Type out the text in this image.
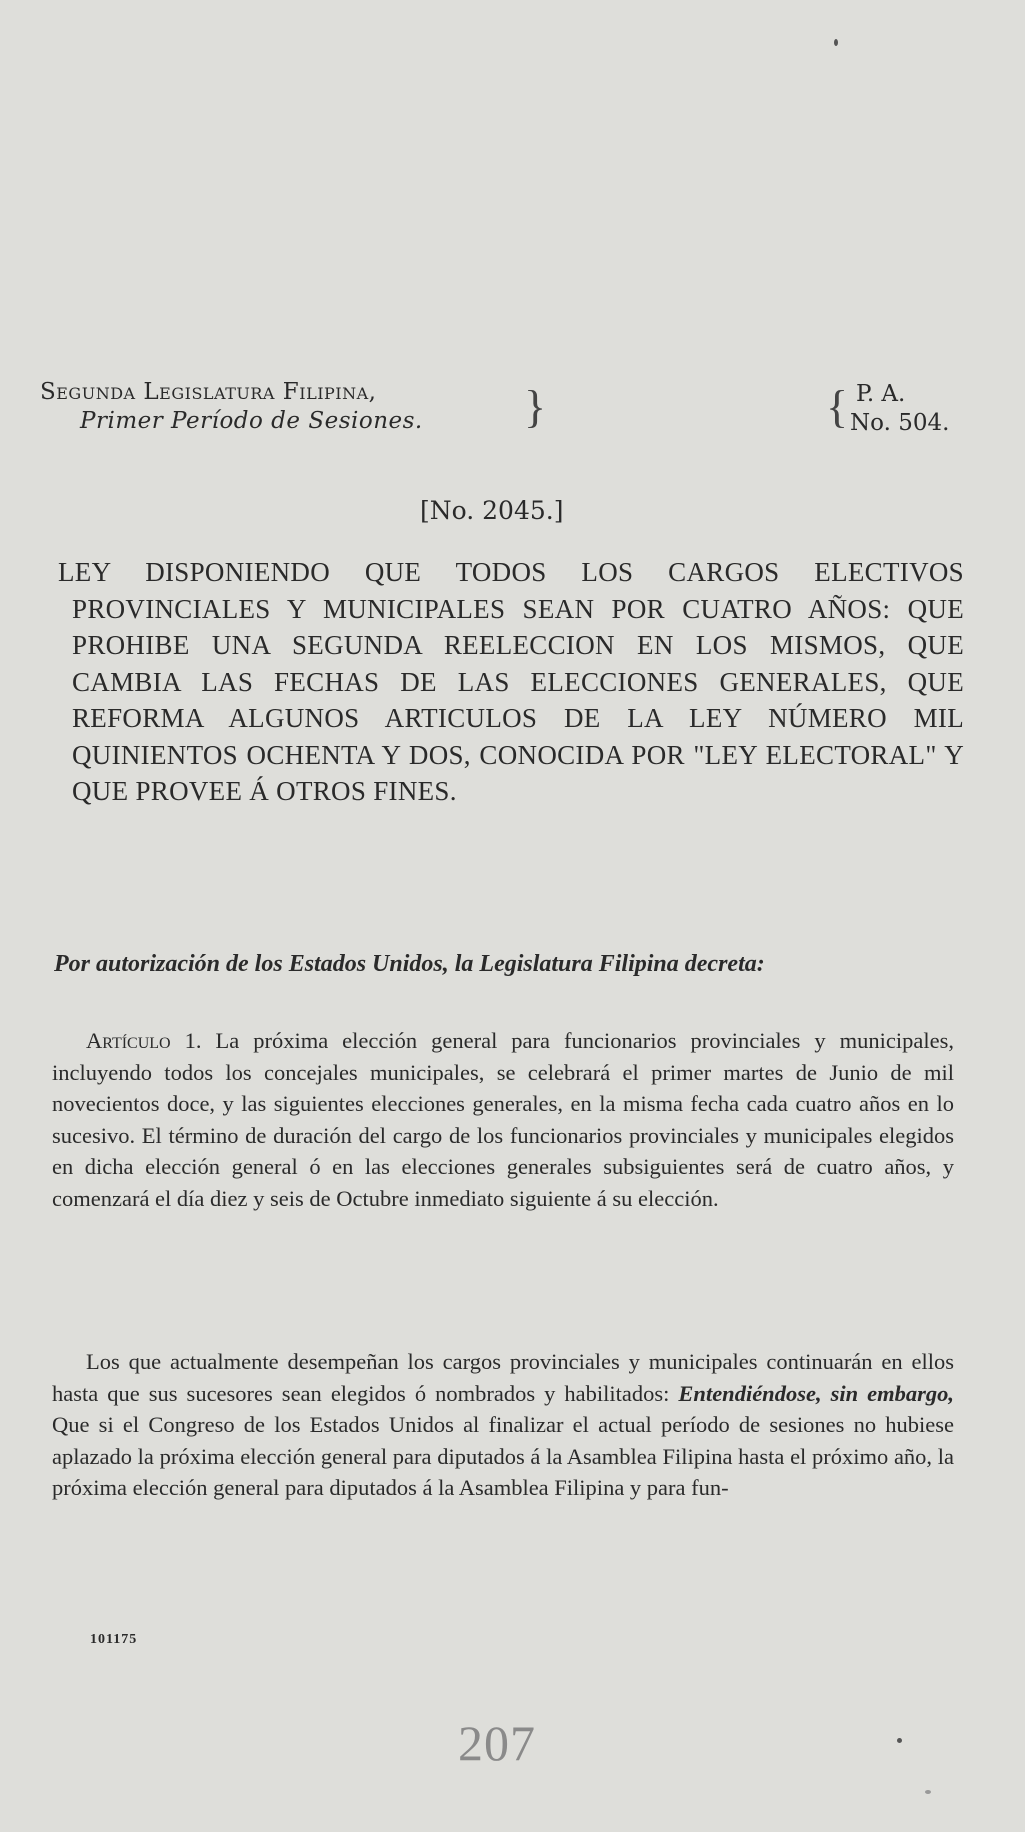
Segunda Legislatura Filipina,
Primer Período de Sesiones.	}	{ P. A.
No. 504.
[No. 2045.]
LEY DISPONIENDO QUE TODOS LOS CARGOS ELECTIVOS PROVINCIALES Y MUNICIPALES SEAN POR CUATRO AÑOS: QUE PROHIBE UNA SEGUNDA REELECCION EN LOS MISMOS, QUE CAMBIA LAS FECHAS DE LAS ELECCIONES GENERALES, QUE REFORMA ALGUNOS ARTICULOS DE LA LEY NÚMERO MIL QUINIENTOS OCHENTA Y DOS, CONOCIDA POR "LEY ELECTORAL" Y QUE PROVEE Á OTROS FINES.
Por autorización de los Estados Unidos, la Legislatura Filipina decreta:
Artículo 1. La próxima elección general para funcionarios provinciales y municipales, incluyendo todos los concejales municipales, se celebrará el primer martes de Junio de mil novecientos doce, y las siguientes elecciones generales, en la misma fecha cada cuatro años en lo sucesivo. El término de duración del cargo de los funcionarios provinciales y municipales elegidos en dicha elección general ó en las elecciones generales subsiguientes será de cuatro años, y comenzará el día diez y seis de Octubre inmediato siguiente á su elección.
Los que actualmente desempeñan los cargos provinciales y municipales continuarán en ellos hasta que sus sucesores sean elegidos ó nombrados y habilitados: Entendiéndose, sin embargo, Que si el Congreso de los Estados Unidos al finalizar el actual período de sesiones no hubiese aplazado la próxima elección general para diputados á la Asamblea Filipina hasta el próximo año, la próxima elección general para diputados á la Asamblea Filipina y para fun-
101175
207
